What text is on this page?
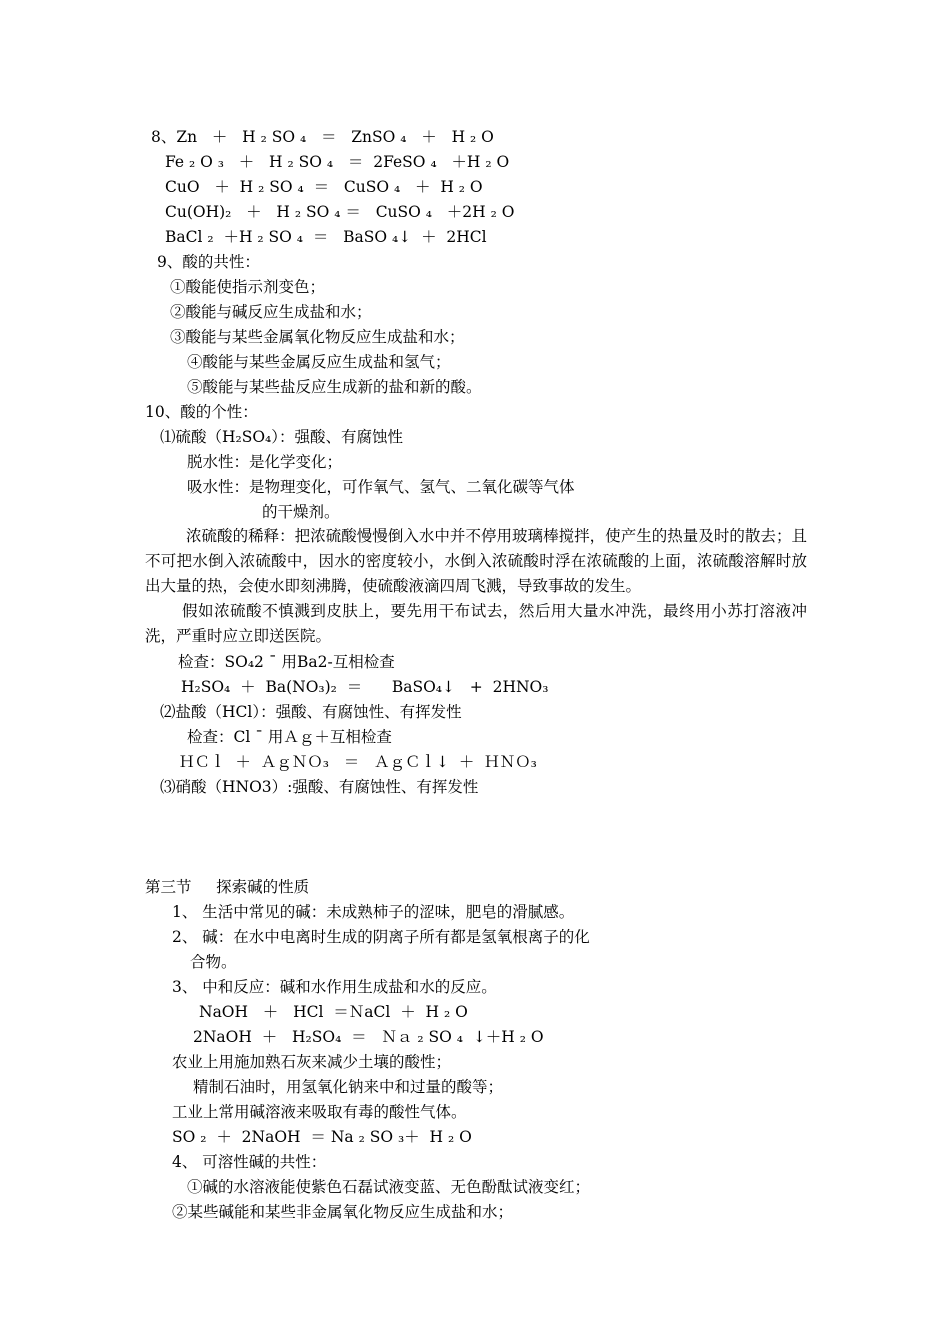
8、Zn   ＋   H ₂ SO ₄   ＝   ZnSO ₄   ＋   H ₂ O
Fe ₂ O ₃   ＋   H ₂ SO ₄   ＝  2FeSO ₄   ＋H ₂ O
CuO   ＋  H ₂ SO ₄  ＝   CuSO ₄   ＋  H ₂ O
Cu(OH)₂   ＋   H ₂ SO ₄ ＝   CuSO ₄   ＋2H ₂ O
BaCl ₂  ＋H ₂ SO ₄  ＝   BaSO ₄↓  ＋  2HCl
9、酸的共性：
①酸能使指示剂变色；
②酸能与碱反应生成盐和水；
③酸能与某些金属氧化物反应生成盐和水；
④酸能与某些金属反应生成盐和氢气；
⑤酸能与某些盐反应生成新的盐和新的酸。
10、酸的个性：
⑴硫酸（H₂SO₄）：强酸、有腐蚀性
脱水性：是化学变化；
吸水性：是物理变化，可作氧气、氢气、二氧化碳等气体
的干燥剂。
浓硫酸的稀释：把浓硫酸慢慢倒入水中并不停用玻璃棒搅拌，使产生的热量及时的散去；且不可把水倒入浓硫酸中，因水的密度较小，水倒入浓硫酸时浮在浓硫酸的上面，浓硫酸溶解时放出大量的热，会使水即刻沸腾，使硫酸液滴四周飞溅，导致事故的发生。
假如浓硫酸不慎溅到皮肤上，要先用干布试去，然后用大量水冲洗，最终用小苏打溶液冲洗，严重时应立即送医院。
检查：SO₄2 ¯ 用Ba2-互相检查
H₂SO₄  ＋  Ba(NO₃)₂  ＝      BaSO₄↓   +  2HNO₃
⑵盐酸（HCl）：强酸、有腐蚀性、有挥发性
检查：Cl ¯ 用Ａｇ＋互相检查
ＨＣｌ  ＋  ＡｇＮＯ₃   ＝   ＡｇＣｌ↓  ＋  ＨＮＯ₃
⑶硝酸（HNO3）:强酸、有腐蚀性、有挥发性
第三节     探索碱的性质
1、 生活中常见的碱：未成熟柿子的涩味，肥皂的滑腻感。
2、 碱：在水中电离时生成的阴离子所有都是氢氧根离子的化
合物。
3、 中和反应：碱和水作用生成盐和水的反应。
NaOH   ＋   HCl  ＝ＮaCl  ＋  H ₂ O
2NaOH  ＋   H₂SO₄  ＝   Ｎａ ₂ SO ₄  ↓＋H ₂ O
农业上用施加熟石灰来减少土壤的酸性；
精制石油时，用氢氧化钠来中和过量的酸等；
工业上常用碱溶液来吸取有毒的酸性气体。
SO ₂  ＋  2NaOH  ＝ Na ₂ SO ₃＋  H ₂ O
4、 可溶性碱的共性：
①碱的水溶液能使紫色石磊试液变蓝、无色酚酞试液变红；
②某些碱能和某些非金属氧化物反应生成盐和水；
